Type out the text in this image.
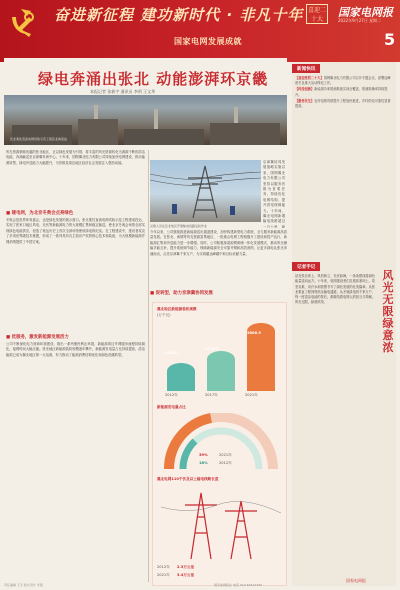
奋进新征程 建功新时代 · 非凡十年 喜迎二十大
国家电网报
2022年9月27日 星期二
5
国家电网发展成就
绿电奔涌出张北 动能澎湃环京畿
本报记者 张新宇 通讯员 李明 王文华
张北柔性直流电网试验示范工程张北换流站
风光资源禀赋优越的张北地区，正以绿色发展为引领，将丰富的风光资源转化为源源不断的清洁电能，奔涌输送至京津冀负荷中心。十年来，国网冀北电力有限公司持续加快电网建设，推动能源转型，绿电外送能力大幅提升，为首都及周边地区经济社会发展注入强劲动能。
■ 建电网，为北京冬奥会点亮绿色
冬奥会是世界体育盛会，也是绿色发展的展示窗口。张北柔性直流电网试验示范工程建成投运，实现了张家口地区风电、光伏等新能源电力的大规模汇集和稳定输送，使北京冬奥会场馆全部实现绿色电能供应，创造了奥运历史上首次全部场馆使用绿电的纪录。在工程建设中，建设者攻克了多项世界级技术难题，形成了一系列具有自主知识产权的核心技术和装备，为大规模新能源并网消纳提供了中国方案。
■ 优服务，激发新能源发展活力
公司不断深化电力营商环境建设，推出一系列便民利企举措，新能源项目并网服务流程持续简化，接网时间大幅压缩。张北地区新能源装机规模逐年攀升，新能源发电量占比持续提高，清洁能源已成为冀北地区第一大电源，有力推动了能源消费结构优化和绿色低碳转型。
运维人员在张北地区开展输电线路巡检作业
京津冀协同发展战略实施以来，国网冀北电力有限公司坚持以服务首都为首要任务，持续优化电网结构，提升供电保障能力。十年间，冀北电网新增输电线路超过一万公里，新
今年以来，公司继续推进新能源送出通道建设，加快构建新型电力系统，全力服务新能源高质量发展。在张北、承德等风光资源富集地区，一批重点电网工程相继开工建设和投产运行，新能源汇集和外送能力进一步增强。同时，公司积极探索源网荷储一体化发展模式，推动风光储输多能互补，提升系统调节能力，保障新能源安全可靠并网和高效消纳，让更多绿电从张北奔涌而出，点亮京津冀千家万户，为实现碳达峰碳中和目标贡献力量。
■ 促转型，助力京津冀协同发展
冀北地区新能源装机规模
(万千瓦)
1526.7
2215.3
3806.9
2012年	2017年	2021年
新能源发电量占比
39%	2021年
18%	2012年
冀北电网110千伏及以上输电线路长度
2012年 2.3万公里
2021年 3.4万公里
新闻快讯
【喜迎党的二十大】国网冀北电力有限公司召开专题会议，部署迎峰度冬及重大活动保电工作。
【科技创新】新能源功率预测系统实现全覆盖，预测准确率持续提升。
【服务民生】农村电网巩固提升工程加快推进，乡村供电可靠性显著提高。
记者手记
站在张北坝上，风机林立、光伏如海，一条条银线将绿色能量送向远方。十年来，电网建设者们扎根高寒坝上，攻坚克难，用汗水和智慧书写了绿色发展的壮美篇章。从张北柔直工程到特高压输电通道，从冬奥绿电到千家万户，每一度清洁电能的背后，都凝结着电网人的担当与奉献。风光无限，绿意浓浓。
风光无限绿意浓
责任编辑 王芳 版式设计 李强	国家电网报社 电话 010-63412345
国家电网报
